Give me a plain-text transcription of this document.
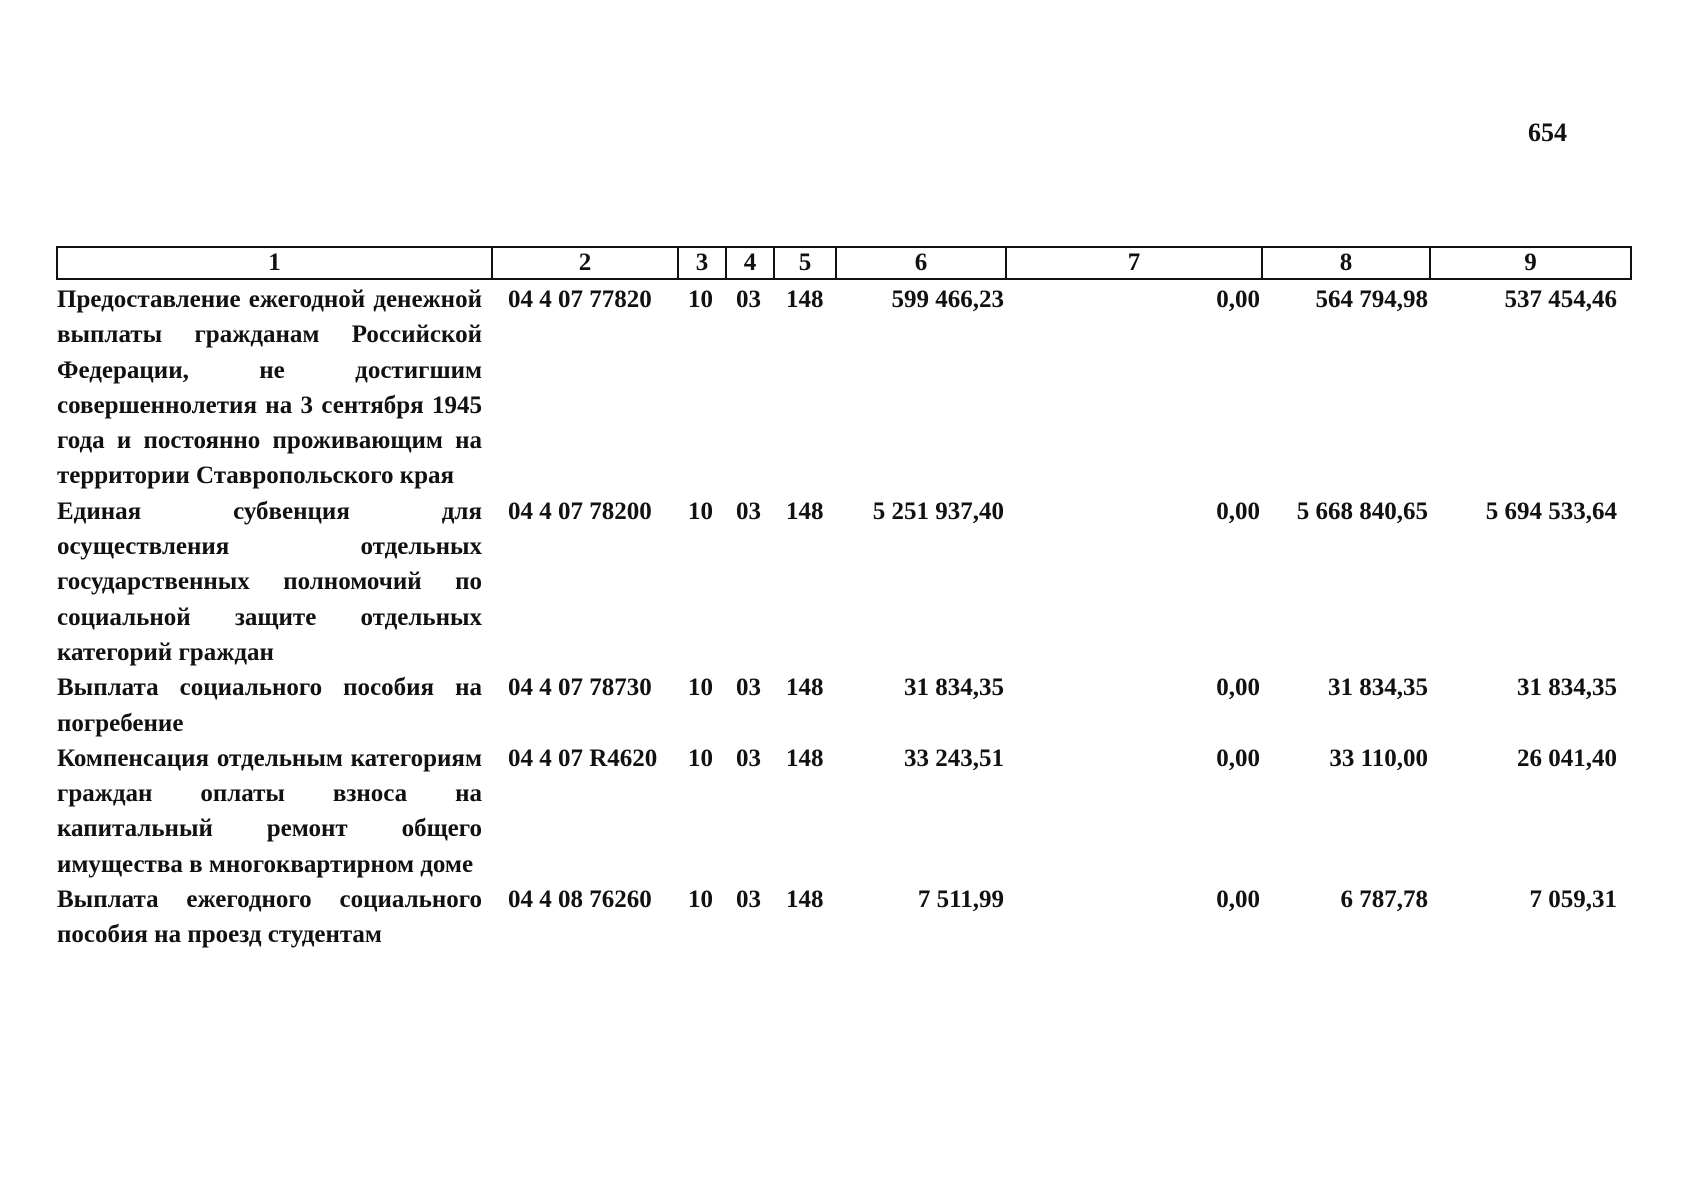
654
1	2	3	4	5	6	7	8	9
Предоставление ежегодной денежной выплаты гражданам Российской Федерации, не достигшим совершеннолетия на 3 сентября 1945 года и постоянно проживающим на территории Ставропольского края	04 4 07 77820	10	03	148	599 466,23	0,00	564 794,98	537 454,46
Единая субвенция для осуществления отдельных государственных полномочий по социальной защите отдельных категорий граждан	04 4 07 78200	10	03	148	5 251 937,40	0,00	5 668 840,65	5 694 533,64
Выплата социального пособия на погребение	04 4 07 78730	10	03	148	31 834,35	0,00	31 834,35	31 834,35
Компенсация отдельным категориям граждан оплаты взноса на капитальный ремонт общего имущества в многоквартирном доме	04 4 07 R4620	10	03	148	33 243,51	0,00	33 110,00	26 041,40
Выплата ежегодного социального пособия на проезд студентам	04 4 08 76260	10	03	148	7 511,99	0,00	6 787,78	7 059,31
